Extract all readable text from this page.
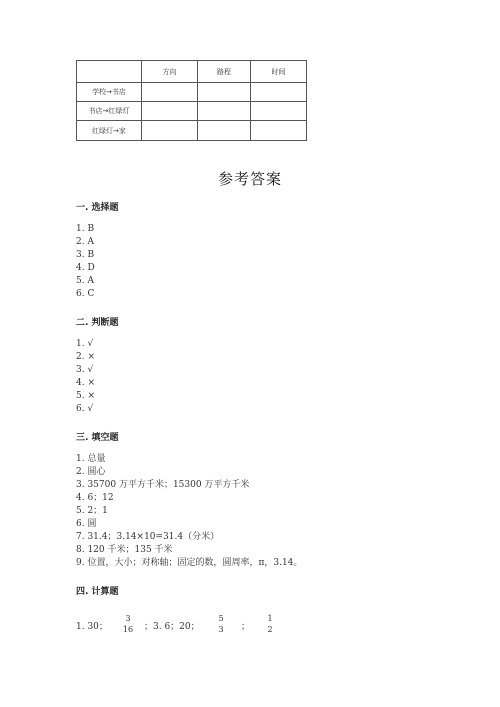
	方向	路程	时间
学校→书店			
书店→红绿灯			
红绿灯→家			
参考答案
一. 选择题
1. B
2. A
3. B
4. D
5. A
6. C
二. 判断题
1. √
2. ×
3. √
4. ×
5. ×
6. √
三. 填空题
1. 总量
2. 圆心
3. 35700 万平方千米；15300 万平方千米
4. 6；12
5. 2；1
6. 圆
7. 31.4；3.14×10=31.4（分米）
8. 120 千米；135 千米
9. 位置，大小；对称轴；固定的数，圆周率，π，3.14。
四. 计算题
1. 30；
3
16	；3. 6；20；
5
3	；
1
2
